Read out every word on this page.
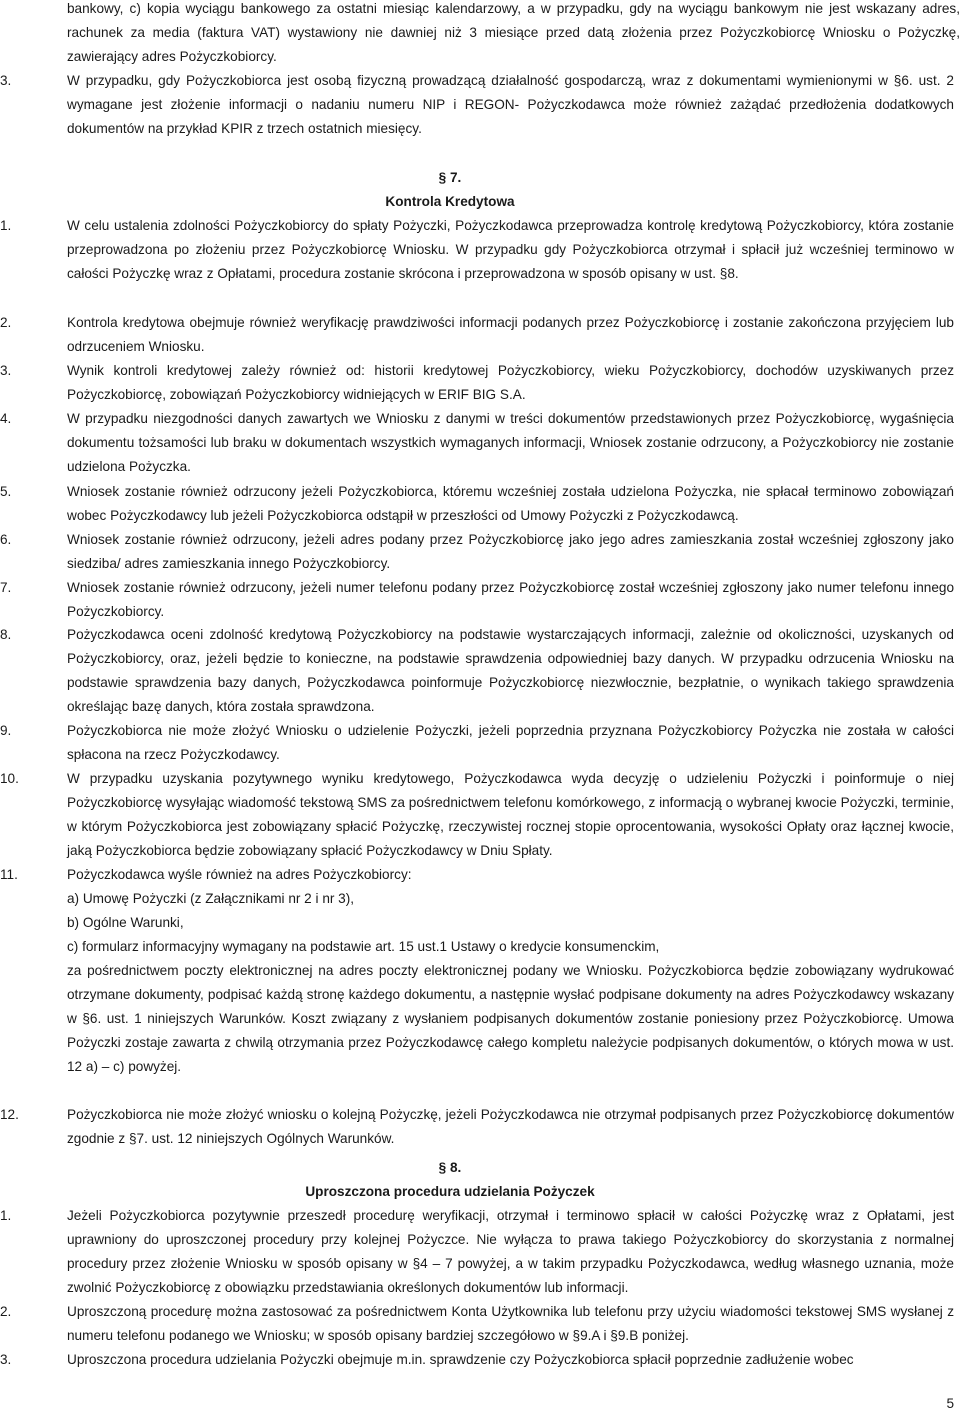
bankowy, c) kopia wyciągu bankowego za ostatni miesiąc kalendarzowy, a w przypadku, gdy na wyciągu bankowym nie jest wskazany adres, rachunek za media (faktura VAT) wystawiony nie dawniej niż 3 miesiące przed datą złożenia przez Pożyczkobiorcę Wniosku o Pożyczkę, zawierający adres Pożyczkobiorcy.

3.	W przypadku, gdy Pożyczkobiorca jest osobą fizyczną prowadzącą działalność gospodarczą, wraz z dokumentami wymienionymi w §6. ust. 2 wymagane jest złożenie informacji o nadaniu numeru NIP i REGON- Pożyczkodawca może również zażądać przedłożenia dodatkowych dokumentów na przykład KPIR z trzech ostatnich miesięcy.

§ 7.
Kontrola Kredytowa
1.	W celu ustalenia zdolności Pożyczkobiorcy do spłaty Pożyczki, Pożyczkodawca przeprowadza kontrolę kredytową Pożyczkobiorcy, która zostanie przeprowadzona po złożeniu przez Pożyczkobiorcę Wniosku. W przypadku gdy Pożyczkobiorca otrzymał i spłacił już wcześniej terminowo w całości Pożyczkę wraz z Opłatami, procedura zostanie skrócona i przeprowadzona w sposób opisany w ust. §8.

2.	Kontrola kredytowa obejmuje również weryfikację prawdziwości informacji podanych przez Pożyczkobiorcę i zostanie zakończona przyjęciem lub odrzuceniem Wniosku.

3.	Wynik kontroli kredytowej zależy również od: historii kredytowej Pożyczkobiorcy, wieku Pożyczkobiorcy, dochodów uzyskiwanych przez Pożyczkobiorcę, zobowiązań Pożyczkobiorcy widniejących w ERIF BIG S.A.

4.	W przypadku niezgodności danych zawartych we Wniosku z danymi w treści dokumentów przedstawionych przez Pożyczkobiorcę, wygaśnięcia dokumentu tożsamości lub braku w dokumentach wszystkich wymaganych informacji, Wniosek zostanie odrzucony, a Pożyczkobiorcy nie zostanie udzielona Pożyczka.

5.	Wniosek zostanie również odrzucony jeżeli Pożyczkobiorca, któremu wcześniej została udzielona Pożyczka, nie spłacał terminowo zobowiązań wobec Pożyczkodawcy lub jeżeli Pożyczkobiorca odstąpił w przeszłości od Umowy Pożyczki z Pożyczkodawcą.

6.	Wniosek zostanie również odrzucony, jeżeli adres podany przez Pożyczkobiorcę jako jego adres zamieszkania został wcześniej zgłoszony jako siedziba/ adres zamieszkania innego Pożyczkobiorcy.

7.	Wniosek zostanie również odrzucony, jeżeli numer telefonu podany przez Pożyczkobiorcę został wcześniej zgłoszony jako numer telefonu innego Pożyczkobiorcy.

8.	Pożyczkodawca oceni zdolność kredytową Pożyczkobiorcy na podstawie wystarczających informacji, zależnie od okoliczności, uzyskanych od Pożyczkobiorcy, oraz, jeżeli będzie to konieczne, na podstawie sprawdzenia odpowiedniej bazy danych. W przypadku odrzucenia Wniosku na podstawie sprawdzenia bazy danych, Pożyczkodawca poinformuje Pożyczkobiorcę niezwłocznie, bezpłatnie, o wynikach takiego sprawdzenia określając bazę danych, która została sprawdzona.

9.	Pożyczkobiorca nie może złożyć Wniosku o udzielenie Pożyczki, jeżeli poprzednia przyznana Pożyczkobiorcy Pożyczka nie została w całości spłacona na rzecz Pożyczkodawcy.

10.	W przypadku uzyskania pozytywnego wyniku kredytowego, Pożyczkodawca wyda decyzję o udzieleniu Pożyczki i poinformuje o niej Pożyczkobiorcę wysyłając wiadomość tekstową SMS za pośrednictwem telefonu komórkowego, z informacją o wybranej kwocie Pożyczki, terminie, w którym Pożyczkobiorca jest zobowiązany spłacić Pożyczkę, rzeczywistej rocznej stopie oprocentowania, wysokości Opłaty oraz łącznej kwocie, jaką Pożyczkobiorca będzie zobowiązany spłacić Pożyczkodawcy w Dniu Spłaty.

11.	Pożyczkodawca wyśle również na adres Pożyczkobiorcy:
a) Umowę Pożyczki (z Załącznikami nr 2 i nr 3),
b) Ogólne Warunki,
c) formularz informacyjny wymagany na podstawie art. 15 ust.1 Ustawy o kredycie konsumenckim,

za pośrednictwem poczty elektronicznej na adres poczty elektronicznej podany we Wniosku. Pożyczkobiorca będzie zobowiązany wydrukować otrzymane dokumenty, podpisać każdą stronę każdego dokumentu, a następnie wysłać podpisane dokumenty na adres Pożyczkodawcy wskazany w §6. ust. 1 niniejszych Warunków. Koszt związany z wysłaniem podpisanych dokumentów zostanie poniesiony przez Pożyczkobiorcę. Umowa Pożyczki zostaje zawarta z chwilą otrzymania przez Pożyczkodawcę całego kompletu należycie podpisanych dokumentów, o których mowa w ust. 12 a) – c) powyżej.

12.	Pożyczkobiorca nie może złożyć wniosku o kolejną Pożyczkę, jeżeli Pożyczkodawca nie otrzymał podpisanych przez Pożyczkobiorcę dokumentów zgodnie z §7. ust. 12 niniejszych Ogólnych Warunków.

§ 8.
Uproszczona procedura udzielania Pożyczek
1.	Jeżeli Pożyczkobiorca pozytywnie przeszedł procedurę weryfikacji, otrzymał i terminowo spłacił w całości Pożyczkę wraz z Opłatami, jest uprawniony do uproszczonej procedury przy kolejnej Pożyczce. Nie wyłącza to prawa takiego Pożyczkobiorcy do skorzystania z normalnej procedury przez złożenie Wniosku w sposób opisany w §4 – 7 powyżej, a w takim przypadku Pożyczkodawca, według własnego uznania, może zwolnić Pożyczkobiorcę z obowiązku przedstawiania określonych dokumentów lub informacji.

2.	Uproszczoną procedurę można zastosować za pośrednictwem Konta Użytkownika lub telefonu przy użyciu wiadomości tekstowej SMS wysłanej z numeru telefonu podanego we Wniosku; w sposób opisany bardziej szczegółowo w §9.A i §9.B poniżej.

3.	Uproszczona procedura udzielania Pożyczki obejmuje m.in. sprawdzenie czy Pożyczkobiorca spłacił poprzednie zadłużenie wobec

5
